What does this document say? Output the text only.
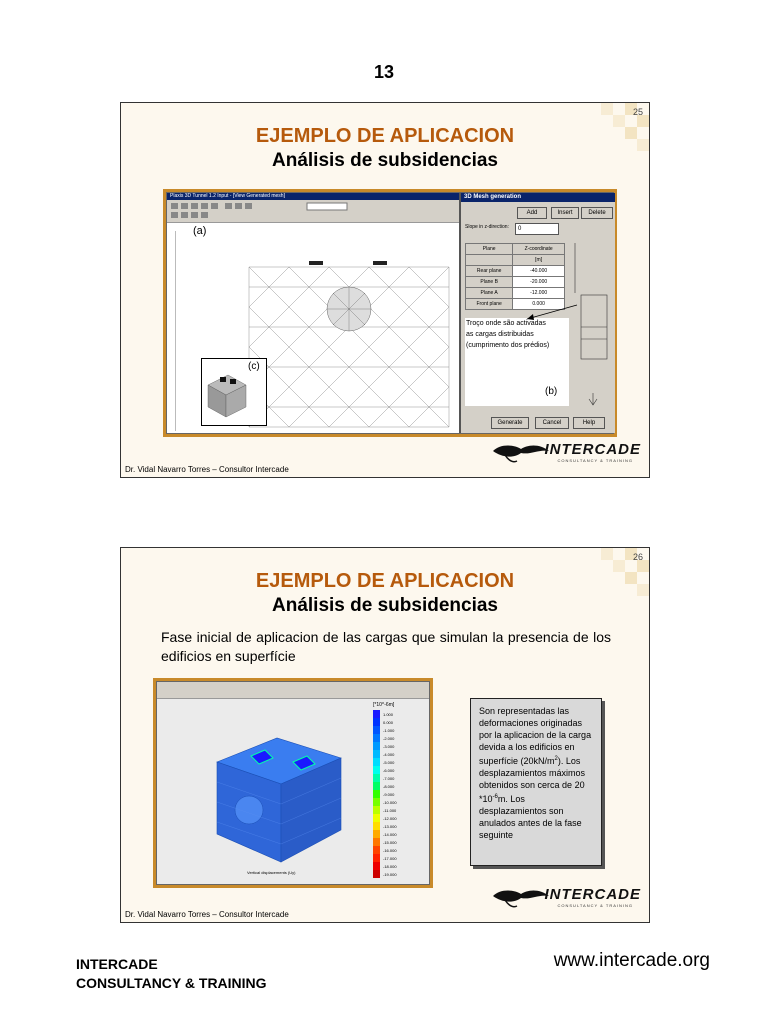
13
25
EJEMPLO DE APLICACION
Análisis de subsidencias
Plaxis 3D Tunnel 1.2 Input - [View Generated mesh]
(a)
(c)
3D Mesh generation
Add	Insert	Delete
Slope in z-direction:	0
Plane	Z-coordinate
	[m]
Rear plane	-40.000
Plane B	-20.000
Plane A	-12.000
Front plane	0.000
Troço onde são activadas
as cargas distribuidas
(cumprimento dos prédios)
(b)
Generate	Cancel	Help
Dr. Vidal Navarro Torres – Consultor Intercade
INTERCADE
CONSULTANCY & TRAINING
26
EJEMPLO DE APLICACION
Análisis de subsidencias
Fase inicial de aplicacion de las cargas que simulan la presencia de los edificios en superfície
Vertical displacements (Uy)
[*10^-6m]
1.000
0.000
-1.000
-2.000
-3.000
-4.000
-5.000
-6.000
-7.000
-8.000
-9.000
-10.000
-11.000
-12.000
-13.000
-14.000
-15.000
-16.000
-17.000
-18.000
-19.000
Son representadas las deformaciones originadas por la aplicacion de la carga devida a los edificios en superfície $(20kN/m^2)$. Los desplazamientos máximos obtenidos son cerca de 20 $*10^{-6}m$. Los desplazamientos son anulados antes de la fase seguinte
Dr. Vidal Navarro Torres – Consultor Intercade
INTERCADE
CONSULTANCY & TRAINING
INTERCADE
CONSULTANCY & TRAINING
www.intercade.org
